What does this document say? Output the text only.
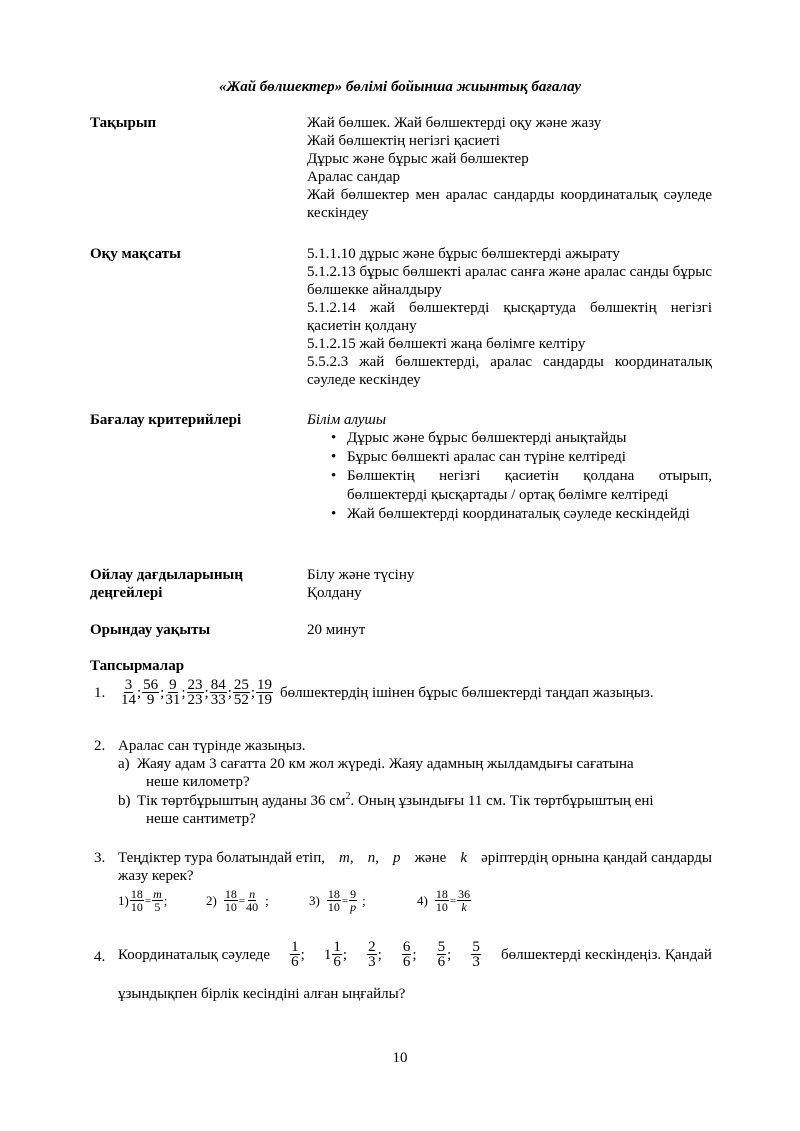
«Жай бөлшектер» бөлімі бойынша жиынтық бағалау
Тақырып	Жай бөлшек. Жай бөлшектерді оқу және жазу
Жай бөлшектің негізгі қасиеті
Дұрыс және бұрыс жай бөлшектер
Аралас сандар
Жай бөлшектер мен аралас сандарды координаталық сәуледе кескіндеу
Оқу мақсаты	5.1.1.10 дұрыс және бұрыс бөлшектерді ажырату
5.1.2.13 бұрыс бөлшекті аралас санға және аралас санды бұрыс бөлшекке айналдыру
5.1.2.14 жай бөлшектерді қысқартуда бөлшектің негізгі қасиетін қолдану
5.1.2.15 жай бөлшекті жаңа бөлімге келтіру
5.5.2.3 жай бөлшектерді, аралас сандарды координаталық сәуледе кескіндеу
Бағалау критерийлері	Білім алушы
• Дұрыс және бұрыс бөлшектерді анықтайды
• Бұрыс бөлшекті аралас сан түріне келтіреді
• Бөлшектің негізгі қасиетін қолдана отырып, бөлшектерді қысқартады / ортақ бөлімге келтіреді
• Жай бөлшектерді координаталық сәуледе кескіндейді
Ойлау дағдыларының
деңгейлері
Білу және түсіну
Қолдану
Орындау уақыты	20 минут
Тапсырмалар
1.	3
14 ; 56
9 ; 9
31 ; 23
23 ; 84
33 ; 25
52 ; 19
19 бөлшектердің ішінен бұрыс бөлшектерді таңдап жазыңыз.
2. Аралас сан түрінде жазыңыз.
a) Жаяу адам 3 сағатта 20 км жол жүреді. Жаяу адамның жылдамдығы сағатына
неше километр?
b) Тік төртбұрыштың ауданы 36 $см^2$. Оның ұзындығы 11 см. Тік төртбұрыштың ені
неше сантиметр?
3. Теңдіктер тура болатындай етіп, m, n, p және k әріптердің орнына қандай сандарды
жазу керек?
$1) \frac{18}{10} = \frac{m}{5}$ ;	$2) \frac{18}{10} = \frac{n}{40}$ ;	$3) \frac{18}{10} = \frac{9}{p}$ ;	$4) \frac{18}{10} = \frac{36}{k}$
4. Координаталық сәуледе 1
6 ; 1 1
6 ; 2
3 ; 6
6 ; 5
6 ; 5
3 бөлшектерді кескіндеңіз. Қандай
ұзындықпен бірлік кесіндіні алған ыңғайлы?
10
